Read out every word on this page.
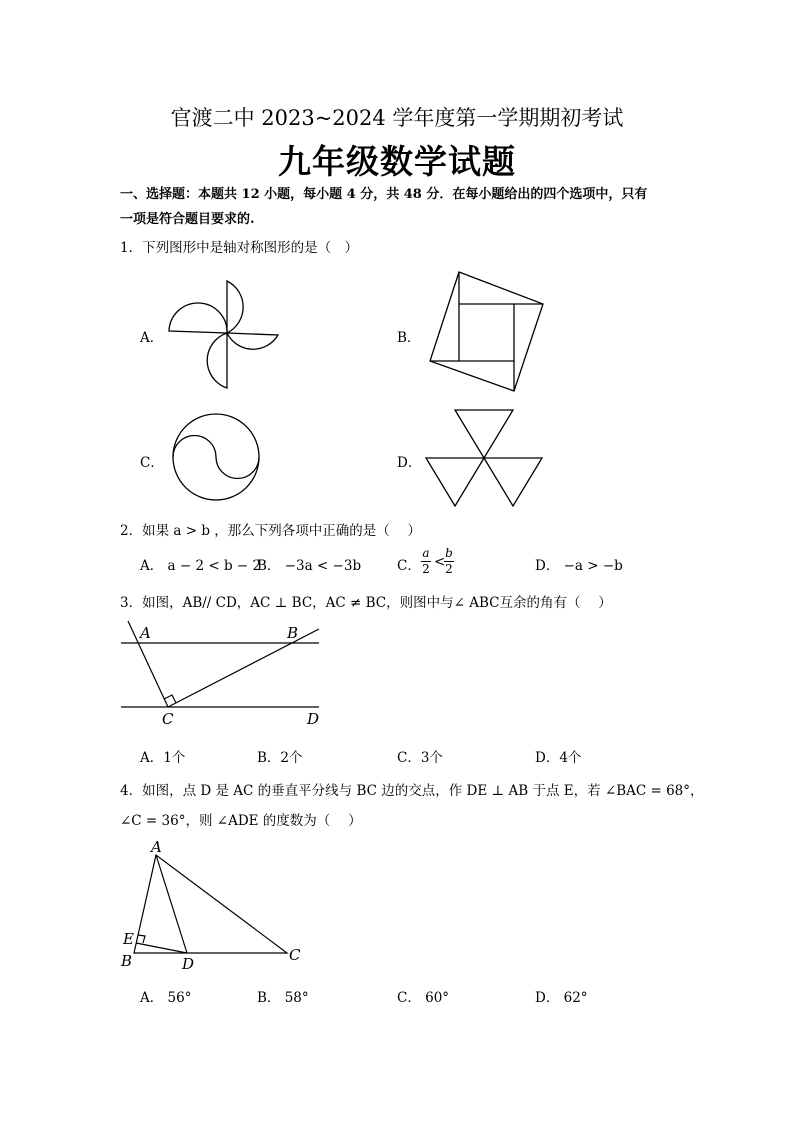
官渡二中 2023~2024 学年度第一学期期初考试
九年级数学试题
一、选择题：本题共 12 小题，每小题 4 分，共 48 分．在每小题给出的四个选项中，只有
一项是符合题目要求的.
1．下列图形中是轴对称图形的是（　）
A．	B．
C．	D．
2．如果 a > b ，那么下列各项中正确的是（　 ）
A． a − 2 < b − 2
B． −3a < −3b	C． $\frac{a}{2}$ <
$\frac{b}{2}$	D． −a > −b
3．如图，AB// CD，AC ⊥ BC，AC ≠ BC，则图中与∠ ABC互余的角有（　 ）
A	B
C	D
A．1个	B．2个	C．3个	D．4个
4．如图，点 D 是 AC 的垂直平分线与 BC 边的交点，作 DE ⊥ AB 于点 E，若 ∠BAC = 68°，
∠C = 36°，则 ∠ADE 的度数为（　 ）
A
B	C
D
E
A． 56°	B． 58°	C． 60°	D． 62°
